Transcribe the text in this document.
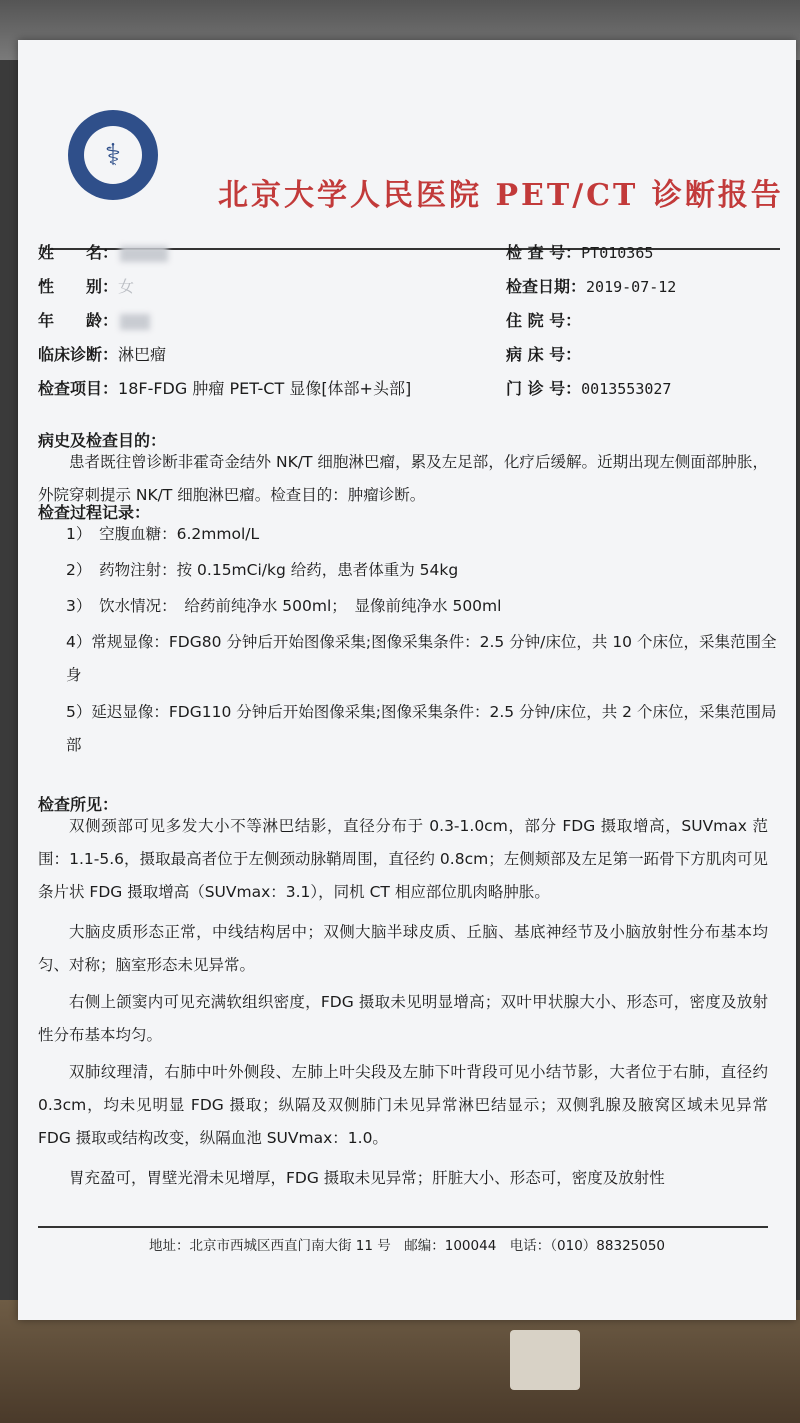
⚕
北京大学人民医院 PET/CT 诊断报告
姓　　名：
性　　别：女
年　　龄：
临床诊断：淋巴瘤
检查项目：18F-FDG 肿瘤 PET-CT 显像[体部+头部]
检 查 号：PT010365
检查日期：2019-07-12
住 院 号：
病 床 号：
门 诊 号：0013553027
病史及检查目的：
患者既往曾诊断非霍奇金结外 NK/T 细胞淋巴瘤，累及左足部，化疗后缓解。近期出现左侧面部肿胀，外院穿刺提示 NK/T 细胞淋巴瘤。检查目的：肿瘤诊断。
检查过程记录：
1）　空腹血糖：6.2mmol/L
2）　药物注射：按 0.15mCi/kg 给药，患者体重为 54kg
3）　饮水情况：　给药前纯净水 500ml；　显像前纯净水 500ml
4）常规显像：FDG80 分钟后开始图像采集;图像采集条件：2.5 分钟/床位，共 10 个床位，采集范围全身
5）延迟显像：FDG110 分钟后开始图像采集;图像采集条件：2.5 分钟/床位，共 2 个床位，采集范围局部
检查所见：
双侧颈部可见多发大小不等淋巴结影，直径分布于 0.3-1.0cm，部分 FDG 摄取增高，SUVmax 范围：1.1-5.6，摄取最高者位于左侧颈动脉鞘周围，直径约 0.8cm；左侧颊部及左足第一跖骨下方肌肉可见条片状 FDG 摄取增高（SUVmax：3.1），同机 CT 相应部位肌肉略肿胀。
大脑皮质形态正常，中线结构居中；双侧大脑半球皮质、丘脑、基底神经节及小脑放射性分布基本均匀、对称；脑室形态未见异常。
右侧上颌窦内可见充满软组织密度，FDG 摄取未见明显增高；双叶甲状腺大小、形态可，密度及放射性分布基本均匀。
双肺纹理清，右肺中叶外侧段、左肺上叶尖段及左肺下叶背段可见小结节影，大者位于右肺，直径约 0.3cm，均未见明显 FDG 摄取；纵隔及双侧肺门未见异常淋巴结显示；双侧乳腺及腋窝区域未见异常 FDG 摄取或结构改变，纵隔血池 SUVmax：1.0。
胃充盈可，胃壁光滑未见增厚，FDG 摄取未见异常；肝脏大小、形态可，密度及放射性
地址：北京市西城区西直门南大街 11 号　邮编：100044　电话：（010）88325050
